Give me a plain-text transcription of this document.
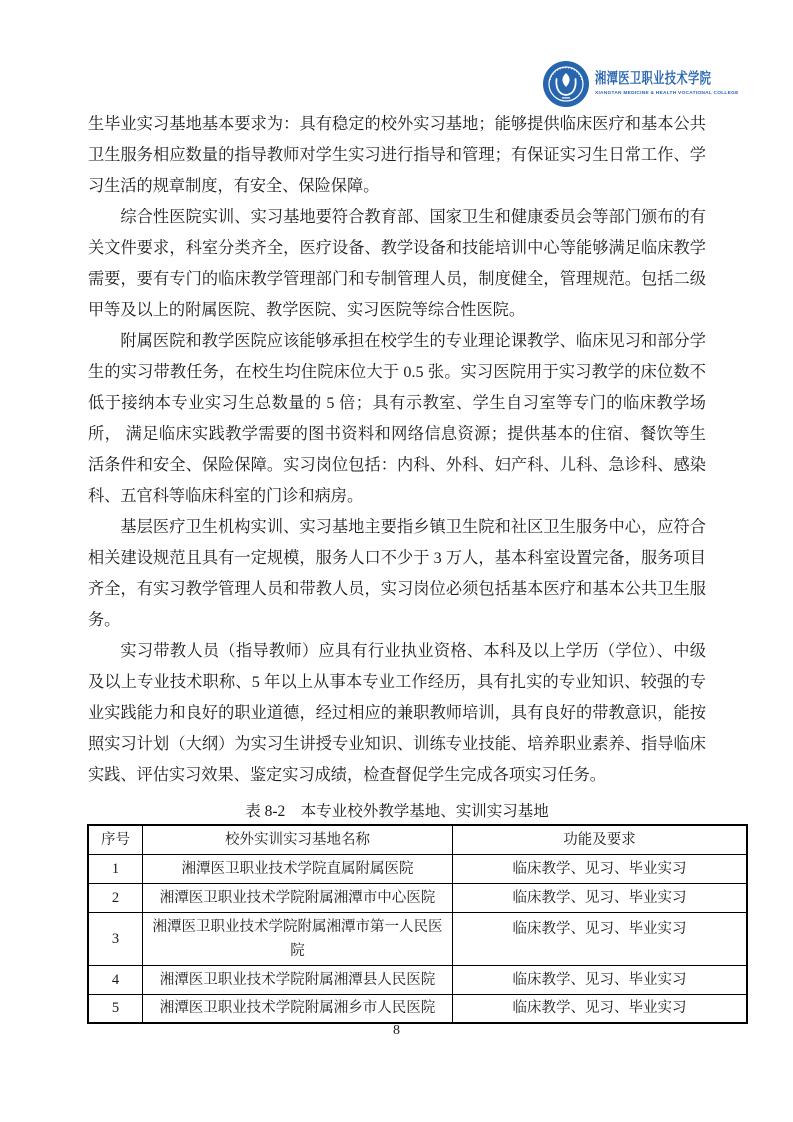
湘潭医卫职业技术学院
XIANGTAN MEDICINE & HEALTH VOCATIONAL COLLEGE

生毕业实习基地基本要求为：具有稳定的校外实习基地；能够提供临床医疗和基本公共卫生服务相应数量的指导教师对学生实习进行指导和管理；有保证实习生日常工作、学习生活的规章制度，有安全、保险保障。

综合性医院实训、实习基地要符合教育部、国家卫生和健康委员会等部门颁布的有关文件要求，科室分类齐全，医疗设备、教学设备和技能培训中心等能够满足临床教学需要，要有专门的临床教学管理部门和专制管理人员，制度健全，管理规范。包括二级甲等及以上的附属医院、教学医院、实习医院等综合性医院。

附属医院和教学医院应该能够承担在校学生的专业理论课教学、临床见习和部分学生的实习带教任务，在校生均住院床位大于 0.5 张。实习医院用于实习教学的床位数不低于接纳本专业实习生总数量的 5 倍；具有示教室、学生自习室等专门的临床教学场所， 满足临床实践教学需要的图书资料和网络信息资源；提供基本的住宿、餐饮等生活条件和安全、保险保障。实习岗位包括：内科、外科、妇产科、儿科、急诊科、感染科、五官科等临床科室的门诊和病房。

基层医疗卫生机构实训、实习基地主要指乡镇卫生院和社区卫生服务中心，应符合相关建设规范且具有一定规模，服务人口不少于 3 万人，基本科室设置完备，服务项目齐全，有实习教学管理人员和带教人员，实习岗位必须包括基本医疗和基本公共卫生服务。

实习带教人员（指导教师）应具有行业执业资格、本科及以上学历（学位）、中级及以上专业技术职称、5 年以上从事本专业工作经历，具有扎实的专业知识、较强的专业实践能力和良好的职业道德，经过相应的兼职教师培训，具有良好的带教意识，能按照实习计划（大纲）为实习生讲授专业知识、训练专业技能、培养职业素养、指导临床实践、评估实习效果、鉴定实习成绩，检查督促学生完成各项实习任务。

表 8-2　本专业校外教学基地、实训实习基地
序号	校外实训实习基地名称	功能及要求
1	湘潭医卫职业技术学院直属附属医院	临床教学、见习、毕业实习
2	湘潭医卫职业技术学院附属湘潭市中心医院	临床教学、见习、毕业实习
3	湘潭医卫职业技术学院附属湘潭市第一人民医院	临床教学、见习、毕业实习
4	湘潭医卫职业技术学院附属湘潭县人民医院	临床教学、见习、毕业实习
5	湘潭医卫职业技术学院附属湘乡市人民医院	临床教学、见习、毕业实习
8
